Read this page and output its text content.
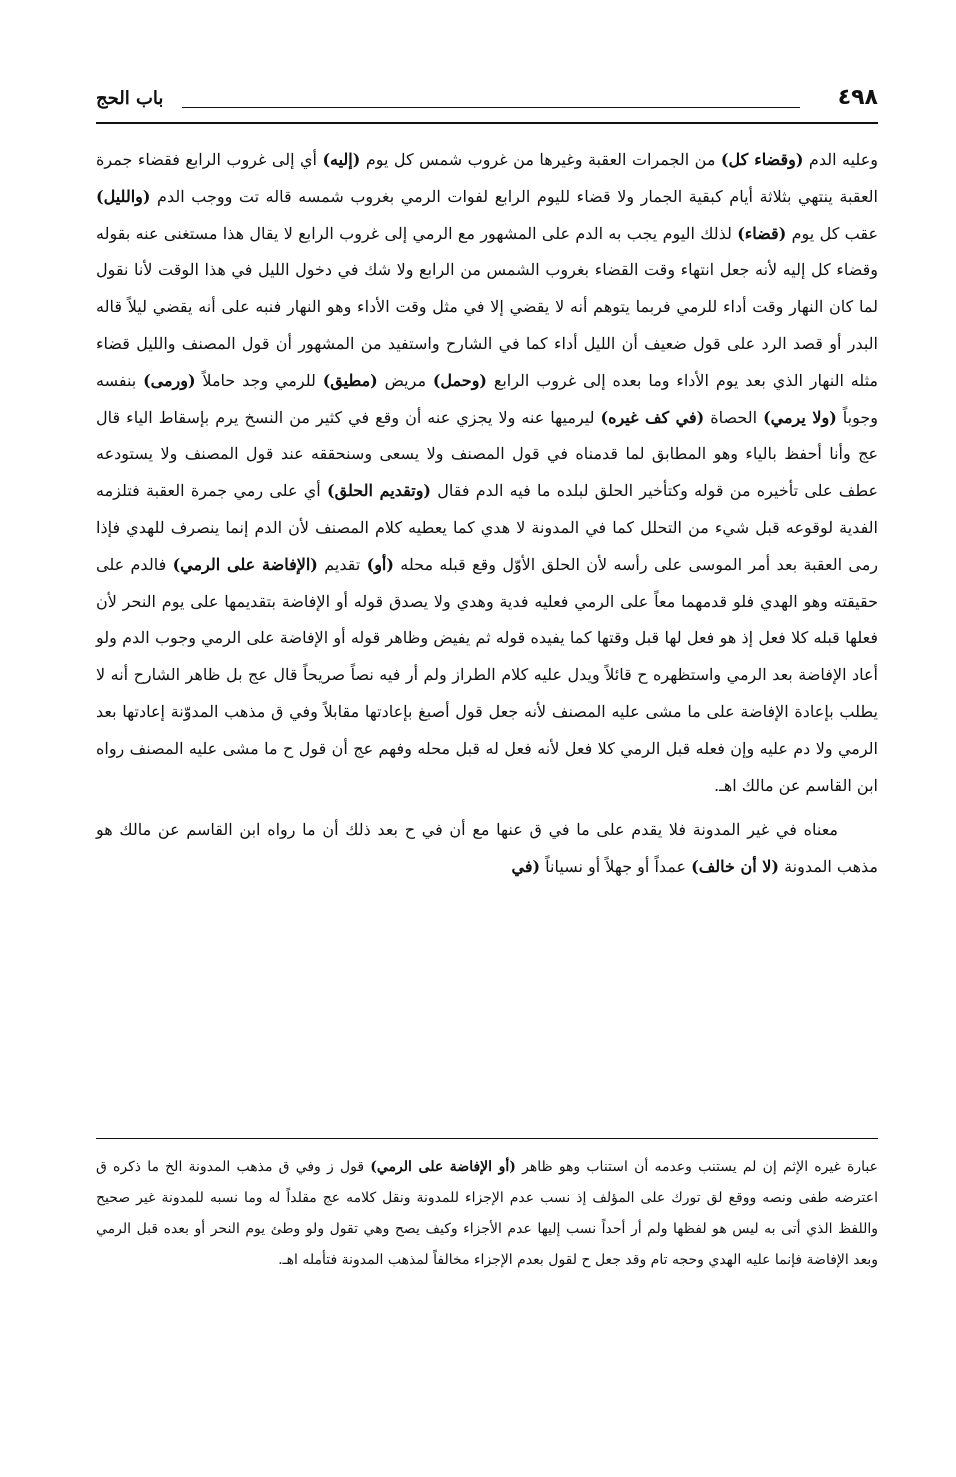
٤٩٨
باب الحج

وعليه الدم (وقضاء كل) من الجمرات العقبة وغيرها من غروب شمس كل يوم (إليه) أي إلى غروب الرابع فقضاء جمرة العقبة ينتهي بثلاثة أيام كبقية الجمار ولا قضاء لليوم الرابع لفوات الرمي بغروب شمسه قاله تت ووجب الدم (والليل) عقب كل يوم (قضاء) لذلك اليوم يجب به الدم على المشهور مع الرمي إلى غروب الرابع لا يقال هذا مستغنى عنه بقوله وقضاء كل إليه لأنه جعل انتهاء وقت القضاء بغروب الشمس من الرابع ولا شك في دخول الليل في هذا الوقت لأنا نقول لما كان النهار وقت أداء للرمي فربما يتوهم أنه لا يقضي إلا في مثل وقت الأداء وهو النهار فنبه على أنه يقضي ليلاً قاله البدر أو قصد الرد على قول ضعيف أن الليل أداء كما في الشارح واستفيد من المشهور أن قول المصنف والليل قضاء مثله النهار الذي بعد يوم الأداء وما بعده إلى غروب الرابع (وحمل) مريض (مطيق) للرمي وجد حاملاً (ورمى) بنفسه وجوباً (ولا يرمي) الحصاة (في كف غيره) ليرميها عنه ولا يجزي عنه أن وقع في كثير من النسخ يرم بإسقاط الياء قال عج وأنا أحفظ بالياء وهو المطابق لما قدمناه في قول المصنف ولا يسعى وسنحققه عند قول المصنف ولا يستودعه عطف على تأخيره من قوله وكتأخير الحلق لبلده ما فيه الدم فقال (وتقديم الحلق) أي على رمي جمرة العقبة فتلزمه الفدية لوقوعه قبل شيء من التحلل كما في المدونة لا هدي كما يعطيه كلام المصنف لأن الدم إنما ينصرف للهدي فإذا رمى العقبة بعد أمر الموسى على رأسه لأن الحلق الأوّل وقع قبله محله (أو) تقديم (الإفاضة على الرمي) فالدم على حقيقته وهو الهدي فلو قدمهما معاً على الرمي فعليه فدية وهدي ولا يصدق قوله أو الإفاضة بتقديمها على يوم النحر لأن فعلها قبله كلا فعل إذ هو فعل لها قبل وقتها كما يفيده قوله ثم يفيض وظاهر قوله أو الإفاضة على الرمي وجوب الدم ولو أعاد الإفاضة بعد الرمي واستظهره ح قائلاً ويدل عليه كلام الطراز ولم أر فيه نصاً صريحاً قال عج بل ظاهر الشارح أنه لا يطلب بإعادة الإفاضة على ما مشى عليه المصنف لأنه جعل قول أصبغ بإعادتها مقابلاً وفي ق مذهب المدوّنة إعادتها بعد الرمي ولا دم عليه وإن فعله قبل الرمي كلا فعل لأنه فعل له قبل محله وفهم عج أن قول ح ما مشى عليه المصنف رواه ابن القاسم عن مالك اهـ.

معناه في غير المدونة فلا يقدم على ما في ق عنها مع أن في ح بعد ذلك أن ما رواه ابن القاسم عن مالك هو مذهب المدونة (لا أن خالف) عمداً أو جهلاً أو نسياناً (في

عبارة غيره الإثم إن لم يستنب وعدمه أن استناب وهو ظاهر (أو الإفاضة على الرمي) قول ز وفي ق مذهب المدونة الخ ما ذكره ق اعترضه طفى ونصه ووقع لق تورك على المؤلف إذ نسب عدم الإجزاء للمدونة ونقل كلامه عج مقلداً له وما نسبه للمدونة غير صحيح واللفظ الذي أتى به ليس هو لفظها ولم أر أحداً نسب إليها عدم الأجزاء وكيف يصح وهي تقول ولو وطئ يوم النحر أو بعده قبل الرمي وبعد الإفاضة فإنما عليه الهدي وحجه تام وقد جعل ح لقول بعدم الإجزاء مخالفاً لمذهب المدونة فتأمله اهـ.
